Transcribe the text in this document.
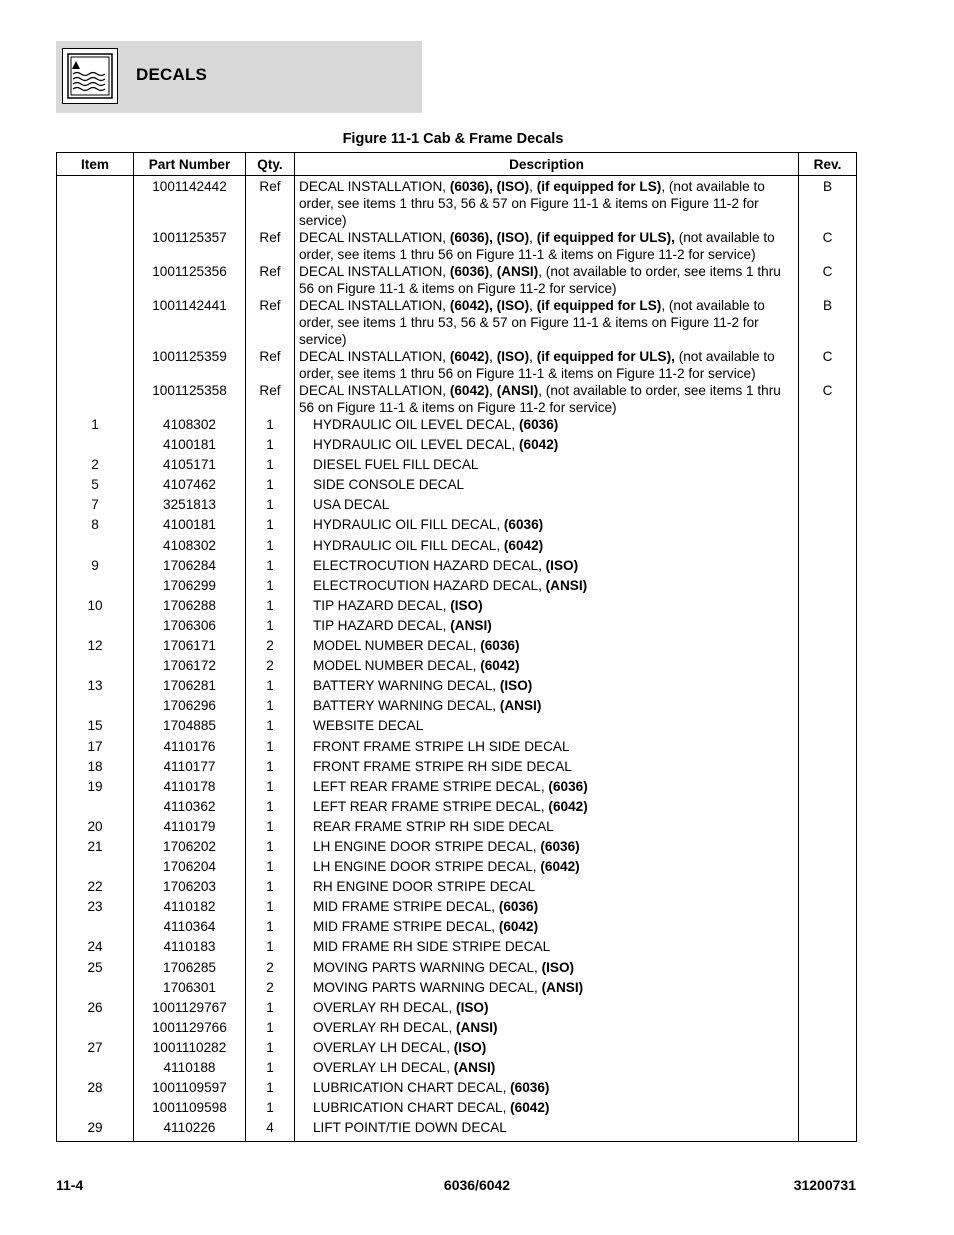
DECALS
Figure 11-1 Cab & Frame Decals
Item	Part Number	Qty.	Description	Rev.
	1001142442	Ref	DECAL INSTALLATION, (6036), (ISO), (if equipped for LS), (not available to order, see items 1 thru 53, 56 & 57 on Figure 11-1 & items on Figure 11-2 for service)	B
	1001125357	Ref	DECAL INSTALLATION, (6036), (ISO), (if equipped for ULS), (not available to order, see items 1 thru 56 on Figure 11-1 & items on Figure 11-2 for service)	C
	1001125356	Ref	DECAL INSTALLATION, (6036), (ANSI), (not available to order, see items 1 thru 56 on Figure 11-1 & items on Figure 11-2 for service)	C
	1001142441	Ref	DECAL INSTALLATION, (6042), (ISO), (if equipped for LS), (not available to order, see items 1 thru 53, 56 & 57 on Figure 11-1 & items on Figure 11-2 for service)	B
	1001125359	Ref	DECAL INSTALLATION, (6042), (ISO), (if equipped for ULS), (not available to order, see items 1 thru 56 on Figure 11-1 & items on Figure 11-2 for service)	C
	1001125358	Ref	DECAL INSTALLATION, (6042), (ANSI), (not available to order, see items 1 thru 56 on Figure 11-1 & items on Figure 11-2 for service)	C
1	4108302	1	HYDRAULIC OIL LEVEL DECAL, (6036)	
	4100181	1	HYDRAULIC OIL LEVEL DECAL, (6042)	
2	4105171	1	DIESEL FUEL FILL DECAL	
5	4107462	1	SIDE CONSOLE DECAL	
7	3251813	1	USA DECAL	
8	4100181	1	HYDRAULIC OIL FILL DECAL, (6036)	
	4108302	1	HYDRAULIC OIL FILL DECAL, (6042)	
9	1706284	1	ELECTROCUTION HAZARD DECAL, (ISO)	
	1706299	1	ELECTROCUTION HAZARD DECAL, (ANSI)	
10	1706288	1	TIP HAZARD DECAL, (ISO)	
	1706306	1	TIP HAZARD DECAL, (ANSI)	
12	1706171	2	MODEL NUMBER DECAL, (6036)	
	1706172	2	MODEL NUMBER DECAL, (6042)	
13	1706281	1	BATTERY WARNING DECAL, (ISO)	
	1706296	1	BATTERY WARNING DECAL, (ANSI)	
15	1704885	1	WEBSITE DECAL	
17	4110176	1	FRONT FRAME STRIPE LH SIDE DECAL	
18	4110177	1	FRONT FRAME STRIPE RH SIDE DECAL	
19	4110178	1	LEFT REAR FRAME STRIPE DECAL, (6036)	
	4110362	1	LEFT REAR FRAME STRIPE DECAL, (6042)	
20	4110179	1	REAR FRAME STRIP RH SIDE DECAL	
21	1706202	1	LH ENGINE DOOR STRIPE DECAL, (6036)	
	1706204	1	LH ENGINE DOOR STRIPE DECAL, (6042)	
22	1706203	1	RH ENGINE DOOR STRIPE DECAL	
23	4110182	1	MID FRAME STRIPE DECAL, (6036)	
	4110364	1	MID FRAME STRIPE DECAL, (6042)	
24	4110183	1	MID FRAME RH SIDE STRIPE DECAL	
25	1706285	2	MOVING PARTS WARNING DECAL, (ISO)	
	1706301	2	MOVING PARTS WARNING DECAL, (ANSI)	
26	1001129767	1	OVERLAY RH DECAL, (ISO)	
	1001129766	1	OVERLAY RH DECAL, (ANSI)	
27	1001110282	1	OVERLAY LH DECAL, (ISO)	
	4110188	1	OVERLAY LH DECAL, (ANSI)	
28	1001109597	1	LUBRICATION CHART DECAL, (6036)	
	1001109598	1	LUBRICATION CHART DECAL, (6042)	
29	4110226	4	LIFT POINT/TIE DOWN DECAL	
11-4	6036/6042	31200731
